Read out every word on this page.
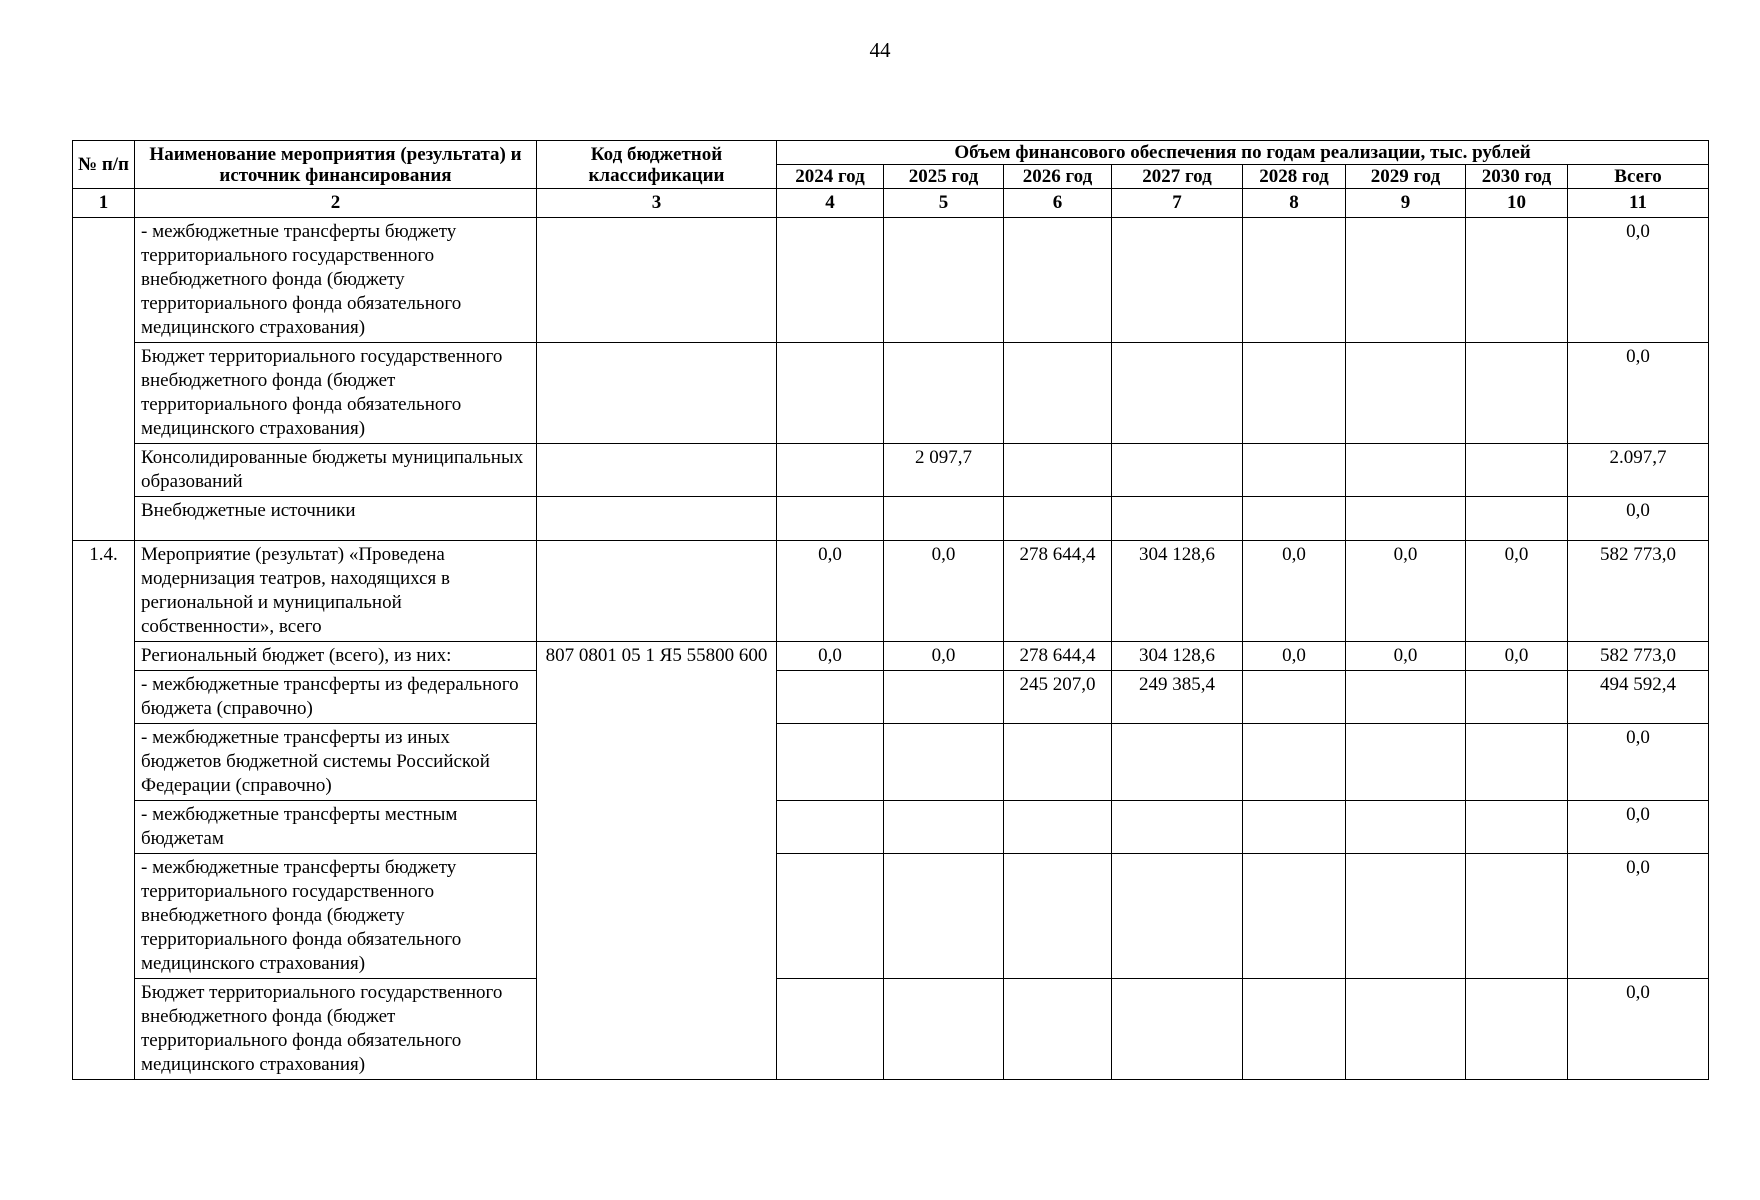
44
№ п/п	Наименование мероприятия (результата) и источник финансирования	Код бюджетной классификации	Объем финансового обеспечения по годам реализации, тыс. рублей							
			2024 год	2025 год	2026 год	2027 год	2028 год	2029 год	2030 год	Всего
1	2	3	4	5	6	7	8	9	10	11
	- межбюджетные трансферты бюджету территориального государственного внебюджетного фонда (бюджету территориального фонда обязательного медицинского страхования)									0,0
	Бюджет территориального государственного внебюджетного фонда (бюджет территориального фонда обязательного медицинского страхования)									0,0
	Консолидированные бюджеты муниципальных образований			2 097,7						2.097,7
	Внебюджетные источники									0,0
1.4.	Мероприятие (результат) «Проведена модернизация театров, находящихся в региональной и муниципальной собственности», всего		0,0	0,0	278 644,4	304 128,6	0,0	0,0	0,0	582 773,0
	Региональный бюджет (всего), из них:	807 0801 05 1 Я5 55800 600	0,0	0,0	278 644,4	304 128,6	0,0	0,0	0,0	582 773,0
	- межбюджетные трансферты из федерального бюджета (справочно)				245 207,0	249 385,4				494 592,4
	- межбюджетные трансферты из иных бюджетов бюджетной системы Российской Федерации (справочно)									0,0
	- межбюджетные трансферты местным бюджетам									0,0
	- межбюджетные трансферты бюджету территориального государственного внебюджетного фонда (бюджету территориального фонда обязательного медицинского страхования)									0,0
	Бюджет территориального государственного внебюджетного фонда (бюджет территориального фонда обязательного медицинского страхования)									0,0
